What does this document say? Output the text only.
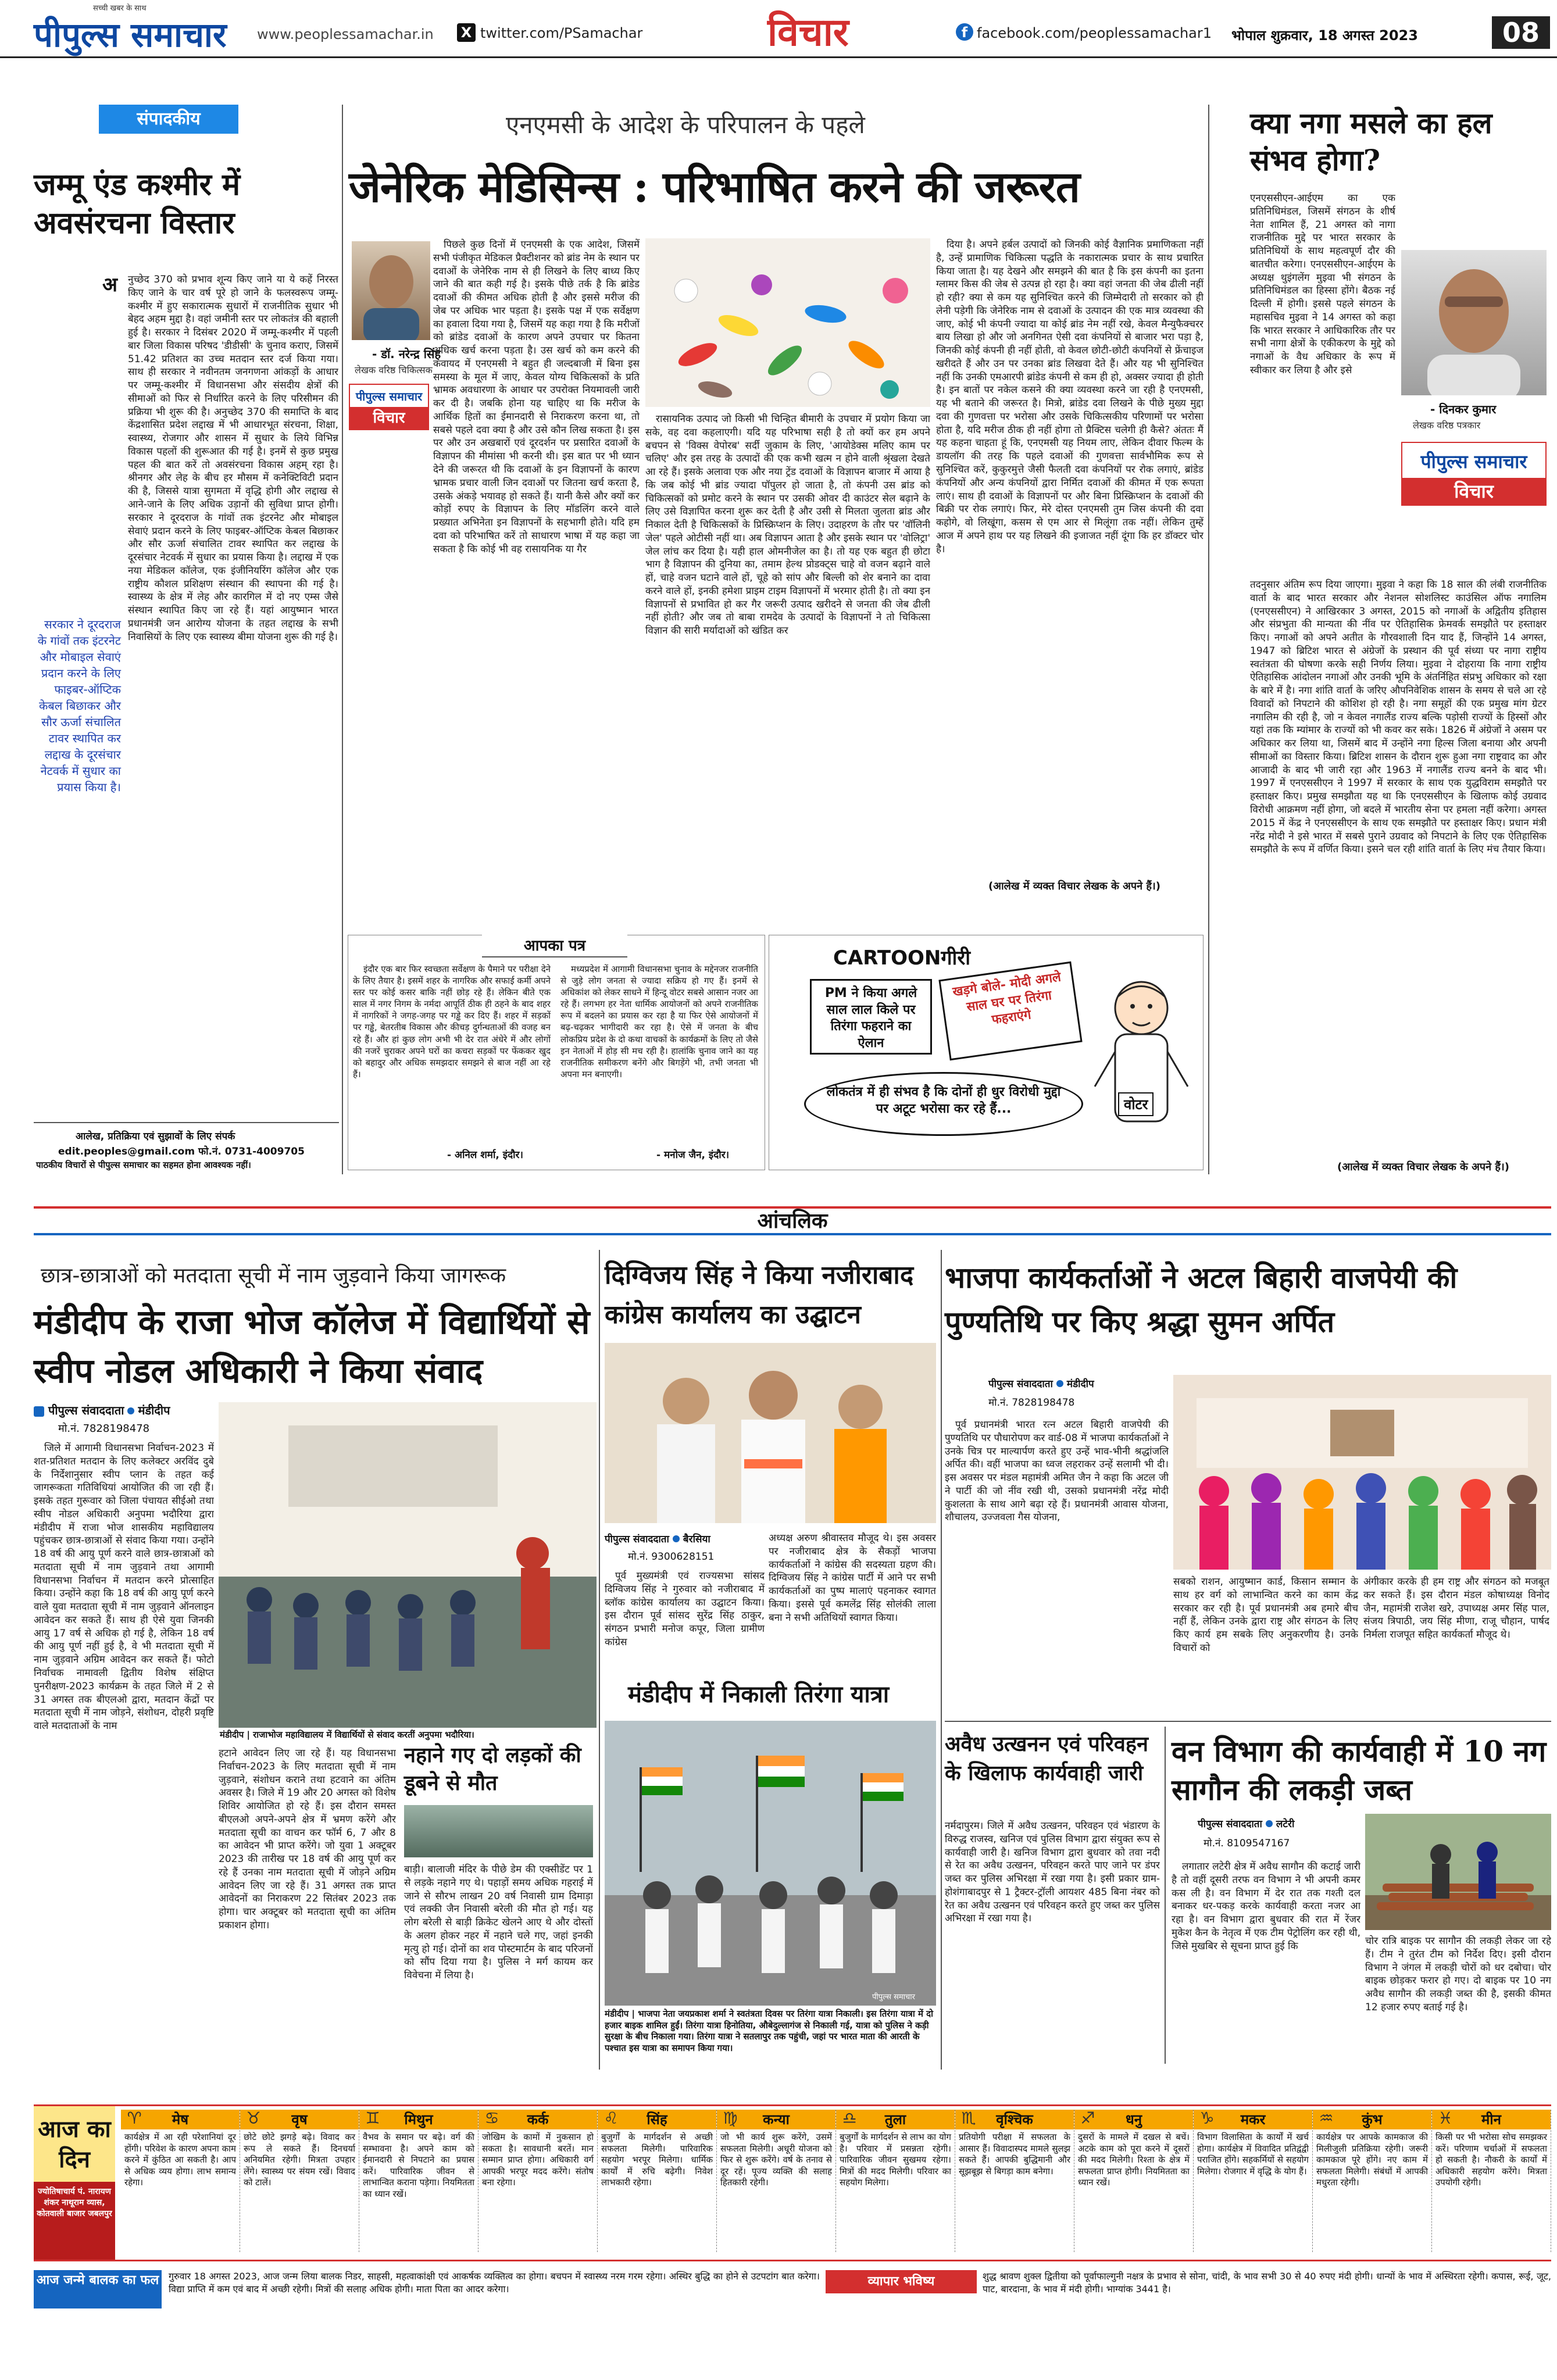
सच्ची खबर के साथ
पीपुल्स समाचार www.peoplessamachar.in X twitter.com/PSamachar	विचार	f facebook.com/peoplessamachar1 भोपाल शुक्रवार, 18 अगस्त 2023	08
संपादकीय
जम्मू एंड कश्मीर में अवसंरचना विस्तार
अ नुच्छेद 370 को प्रभाव शून्य किए जाने या ये कहें निरस्त किए जाने के चार वर्ष पूरे हो जाने के फलस्वरूप जम्मू-कश्मीर में हुए सकारात्मक सुधारों में राजनीतिक सुधार भी बेहद अहम मुद्दा है। वहां जमीनी स्तर पर लोकतंत्र की बहाली हुई है। सरकार ने दिसंबर 2020 में जम्मू-कश्मीर में पहली बार जिला विकास परिषद 'डीडीसी' के चुनाव कराए, जिसमें 51.42 प्रतिशत का उच्च मतदान स्तर दर्ज किया गया। साथ ही सरकार ने नवीनतम जनगणना आंकड़ों के आधार पर जम्मू-कश्मीर में विधानसभा और संसदीय क्षेत्रों की सीमाओं को फिर से निर्धारित करने के लिए परिसीमन की प्रक्रिया भी शुरू की है। अनुच्छेद 370 की समाप्ति के बाद केंद्रशासित प्रदेश लद्दाख में भी आधारभूत संरचना, शिक्षा, स्वास्थ्य, रोजगार और शासन में सुधार के लिये विभिन्न विकास पहलों की शुरूआत की गई है। इनमें से कुछ प्रमुख पहल की बात करें तो अवसंरचना विकास अहम्‌ रहा है। श्रीनगर और लेह के बीच हर मौसम में कनेक्टिविटी प्रदान की है, जिससे यात्रा सुगमता में वृद्धि होगी और लद्दाख से आने-जाने के लिए अधिक उड़ानों की सुविधा प्राप्त होगी। सरकार ने दूरदराज के गांवों तक इंटरनेट और मोबाइल सेवाएं प्रदान करने के लिए फाइबर-ऑप्टिक केबल बिछाकर और सौर ऊर्जा संचालित टावर स्थापित कर लद्दाख के दूरसंचार नेटवर्क में सुधार का प्रयास किया है। लद्दाख में एक नया मेडिकल कॉलेज, एक इंजीनियरिंग कॉलेज और एक राष्ट्रीय कौशल प्रशिक्षण संस्थान की स्थापना की गई है। स्वास्थ्य के क्षेत्र में लेह और कारगिल में दो नए एम्स जैसे संस्थान स्थापित किए जा रहे हैं। यहां आयुष्मान भारत प्रधानमंत्री जन आरोग्य योजना के तहत लद्दाख के सभी निवासियों के लिए एक स्वास्थ्य बीमा योजना शुरू की गई है।

सरकार ने दूरदराज के गांवों तक इंटरनेट और मोबाइल सेवाएं प्रदान करने के लिए फाइबर-ऑप्टिक केबल बिछाकर और सौर ऊर्जा संचालित टावर स्थापित कर लद्दाख के दूरसंचार नेटवर्क में सुधार का प्रयास किया है।
आलेख, प्रतिक्रिया एवं सुझावों के लिए संपर्क
edit.peoples@gmail.com फो.नं. 0731-4009705
पाठकीय विचारों से पीपुल्स समाचार का सहमत होना आवश्यक नहीं।
एनएमसी के आदेश के परिपालन के पहले
जेनेरिक मेडिसिन्स : परिभाषित करने की जरूरत
- डॉ. नरेन्द्र सिंह
लेखक वरिष्ठ चिकित्सक
पीपुल्स समाचार
विचार

पिछले कुछ दिनों में एनएमसी के एक आदेश, जिसमें सभी पंजीकृत मेडिकल प्रैक्टीशनर को ब्रांड नेम के स्थान पर दवाओं के जेनेरिक नाम से ही लिखने के लिए बाध्य किए जाने की बात कही गई है। इसके पीछे तर्क है कि ब्रांडेड दवाओं की कीमत अधिक होती है और इससे मरीज की जेब पर अधिक भार पड़ता है। इसके पक्ष में एक सर्वेक्षण का हवाला दिया गया है, जिसमें यह कहा गया है कि मरीजों को ब्रांडेड दवाओं के कारण अपने उपचार पर कितना अधिक खर्च करना पड़ता है। उस खर्च को कम करने की कवायद में एनएमसी ने बहुत ही जल्दबाजी में बिना इस समस्या के मूल में जाए, केवल योग्य चिकित्सकों के प्रति भ्रामक अवधारणा के आधार पर उपरोक्त नियमावली जारी कर दी है। जबकि होना यह चाहिए था कि मरीज के आर्थिक हितों का ईमानदारी से निराकरण करना था, तो सबसे पहले दवा क्या है और उसे कौन लिख सकता है। इस पर और उन अखबारों एवं दूरदर्शन पर प्रसारित दवाओं के विज्ञापन की मीमांसा भी करनी थी। इस बात पर भी ध्यान देने की जरूरत थी कि दवाओं के इन विज्ञापनों के कारण भ्रामक प्रचार वाली जिन दवाओं पर जितना खर्च करता है, उसके अंकड़े भयावह हो सकते हैं। यानी कैसे और क्यों कर कोड़ों रुपए के विज्ञापन के लिए मॉडलिंग करने वाले प्रख्यात अभिनेता इन विज्ञापनों के सहभागी होते। यदि हम दवा को परिभाषित करें तो साधारण भाषा में यह कहा जा सकता है कि कोई भी वह रासायनिक या गैर

रासायनिक उत्पाद जो किसी भी चिन्हित बीमारी के उपचार में प्रयोग किया जा सके, वह दवा कहलाएगी। यदि यह परिभाषा सही है तो क्यों कर हम अपने बचपन से 'विक्स वेपोरब' सर्दी जुकाम के लिए, 'आयोडेक्स मलिए काम पर चलिए' और इस तरह के उत्पादों की एक कभी खत्म न होने वाली श्रृंखला देखते आ रहे हैं। इसके अलावा एक और नया ट्रेंड दवाओं के विज्ञापन बाजार में आया है कि जब कोई भी ब्रांड ज्यादा पॉपुलर हो जाता है, तो कंपनी उस ब्रांड को चिकित्सकों को प्रमोट करने के स्थान पर उसकी ओवर दी काउंटर सेल बढ़ाने के लिए उसे विज्ञापित करना शुरू कर देती है और उसी से मिलता जुलता ब्रांड और निकाल देती है चिकित्सकों के प्रिस्क्रिप्शन के लिए। उदाहरण के तौर पर 'वॉलिनी जेल' पहले ओटीसी नहीं था। अब विज्ञापन आता है और इसके स्थान पर 'वोलिट्रा' जेल लांच कर दिया है। यही हाल ओमनीजेल का है। तो यह एक बहुत ही छोटा भाग है विज्ञापन की दुनिया का, तमाम हेल्थ प्रोडक्ट्स चाहे वो वजन बढ़ाने वाले हों, चाहे वजन घटाने वाले हों, चूहे को सांप और बिल्ली को शेर बनाने का दावा करने वाले हों, इनकी हमेशा प्राइम टाइम विज्ञापनों में भरमार होती है। तो क्या इन विज्ञापनों से प्रभावित हो कर गैर जरूरी उत्पाद खरीदने से जनता की जेब ढीली नहीं होती? और जब तो बाबा रामदेव के उत्पादों के विज्ञापनों ने तो चिकित्सा विज्ञान की सारी मर्यादाओं को खंडित कर

दिया है। अपने हर्बल उत्पादों को जिनकी कोई वैज्ञानिक प्रमाणिकता नहीं है, उन्हें प्रामाणिक चिकित्सा पद्धति के नकारात्मक प्रचार के साथ प्रचारित किया जाता है। यह देखने और समझने की बात है कि इस कंपनी का इतना ग्लामर किस की जेब से उत्पन्न हो रहा है। क्या वहां जनता की जेब ढीली नहीं हो रही? क्या से कम यह सुनिश्चित करने की जिम्मेदारी तो सरकार को ही लेनी पड़ेगी कि जेनेरिक नाम से दवाओं के उत्पादन की एक मात्र व्यवस्था की जाए, कोई भी कंपनी ज्यादा या कोई ब्रांड नेम नहीं रखे, केवल मैन्युफैक्चरर बाय लिखा हो और जो अनगिनत ऐसी दवा कंपनियों से बाजार भरा पड़ा है, जिनकी कोई कंपनी ही नहीं होती, वो केवल छोटी-छोटी कंपनियों से फ्रेंचाइज खरीदते हैं और उन पर उनका ब्रांड लिखवा देते हैं। और यह भी सुनिश्चित नहीं कि उनकी एमआरपी ब्रांडेड कंपनी से कम ही हो, अक्सर ज्यादा ही होती है। इन बातों पर नकेल कसने की क्या व्यवस्था करने जा रही है एनएमसी, यह भी बताने की जरूरत है। मित्रो, ब्रांडेड दवा लिखने के पीछे मुख्य मुद्दा दवा की गुणवत्ता पर भरोसा और उसके चिकित्सकीय परिणामों पर भरोसा होता है, यदि मरीज ठीक ही नहीं होगा तो प्रैक्टिस चलेगी ही कैसे? अंततः मैं यह कहना चाहता हूं कि, एनएमसी यह नियम लाए, लेकिन दीवार फिल्म के डायलॉग की तरह कि पहले दवाओं की गुणवत्ता सार्वभौमिक रूप से सुनिश्चित करें, कुकुरमुत्ते जैसी फैलती दवा कंपनियों पर रोक लगाएं, ब्रांडेड कंपनियों और अन्य कंपनियों द्वारा निर्मित दवाओं की कीमत में एक रूपता लाएं। साथ ही दवाओं के विज्ञापनों पर और बिना प्रिस्क्रिप्शन के दवाओं की बिक्री पर रोक लगाएं। फिर, मेरे दोस्त एनएमसी तुम जिस कंपनी की दवा कहोगे, वो लिखूंगा, कसम से एम आर से मिलूंगा तक नहीं। लेकिन तुम्हें आज में अपने हाथ पर यह लिखने की इजाजत नहीं दूंगा कि हर डॉक्टर चोर है।

(आलेख में व्यक्त विचार लेखक के अपने हैं।)
क्या नगा मसले का हल संभव होगा?

एनएससीएन-आईएम का एक प्रतिनिधिमंडल, जिसमें संगठन के शीर्ष नेता शामिल हैं, 21 अगस्त को नागा राजनीतिक मुद्दे पर भारत सरकार के प्रतिनिधियों के साथ महत्वपूर्ण दौर की बातचीत करेगा। एनएससीएन-आईएम के अध्यक्ष थुइंगलेंग मुइवा भी संगठन के प्रतिनिधिमंडल का हिस्सा होंगे। बैठक नई दिल्ली में होगी। इससे पहले संगठन के महासचिव मुइवा ने 14 अगस्त को कहा कि भारत सरकार ने आधिकारिक तौर पर सभी नागा क्षेत्रों के एकीकरण के मुद्दे को नगाओं के वैध अधिकार के रूप में स्वीकार कर लिया है और इसे

- दिनकर कुमार
लेखक वरिष्ठ पत्रकार
पीपुल्स समाचार
विचार

तदनुसार अंतिम रूप दिया जाएगा। मुइवा ने कहा कि 18 साल की लंबी राजनीतिक वार्ता के बाद भारत सरकार और नेशनल सोशलिस्ट काउंसिल ऑफ नगालिम (एनएससीएन) ने आखिरकार 3 अगस्त, 2015 को नगाओं के अद्वितीय इतिहास और संप्रभुता की मान्यता की नींव पर ऐतिहासिक फ्रेमवर्क समझौते पर हस्ताक्षर किए। नगाओं को अपने अतीत के गौरवशाली दिन याद हैं, जिन्होंने 14 अगस्त, 1947 को ब्रिटिश भारत से अंग्रेजों के प्रस्थान की पूर्व संध्या पर नागा राष्ट्रीय स्वतंत्रता की घोषणा करके सही निर्णय लिया। मुइवा ने दोहराया कि नागा राष्ट्रीय ऐतिहासिक आंदोलन नगाओं और उनकी भूमि के अंतर्निहित संप्रभु अधिकार को रक्षा के बारे में है। नगा शांति वार्ता के जरिए औपनिवेशिक शासन के समय से चले आ रहे विवादों को निपटाने की कोशिश हो रही है। नगा समूहों की एक प्रमुख मांग ग्रेटर नगालिम की रही है, जो न केवल नगालैंड राज्य बल्कि पड़ोसी राज्यों के हिस्सों और यहां तक कि म्यांमार के राज्यों को भी कवर कर सके। 1826 में अंग्रेजों ने असम पर अधिकार कर लिया था, जिसमें बाद में उन्होंने नगा हिल्स जिला बनाया और अपनी सीमाओं का विस्तार किया। ब्रिटिश शासन के दौरान शुरू हुआ नगा राष्ट्रवाद का और आजादी के बाद भी जारी रहा और 1963 में नगालैंड राज्य बनने के बाद भी। 1997 में एनएससीएन ने 1997 में सरकार के साथ एक युद्धविराम समझौते पर हस्ताक्षर किए। प्रमुख समझौता यह था कि एनएससीएन के खिलाफ कोई उग्रवाद विरोधी आक्रमण नहीं होगा, जो बदले में भारतीय सेना पर हमला नहीं करेगा। अगस्त 2015 में केंद्र ने एनएससीएन के साथ एक समझौते पर हस्ताक्षर किए। प्रधान मंत्री नरेंद्र मोदी ने इसे भारत में सबसे पुराने उग्रवाद को निपटाने के लिए एक ऐतिहासिक समझौते के रूप में वर्णित किया। इसने चल रही शांति वार्ता के लिए मंच तैयार किया।

(आलेख में व्यक्त विचार लेखक के अपने हैं।)
आपका पत्र

इंदौर एक बार फिर स्वच्छता सर्वेक्षण के पैमाने पर परीक्षा देने के लिए तैयार है। इसमें शहर के नागरिक और सफाई कर्मी अपने स्तर पर कोई कसर बाकि नहीं छोड़ रहे हैं। लेकिन बीते एक साल में नगर निगम के नर्मदा आपूर्ति ठीक ही ठहने के बाद शहर में नागरिकों ने जगह-जगह पर गड्ढे कर दिए हैं। शहर में सड़कों पर गड्ढे, बेतरतीब विकास और कीचड़ दुर्गन्धताओं की वजह बन रहे हैं। और हां कुछ लोग अभी भी देर रात अंधेरे में और लोगों की नजरें चुराकर अपने घरों का कचरा सड़कों पर फेंककर खुद को बहादुर और अधिक समझदार समझने से बाज नहीं आ रहे हैं।

- अनिल शर्मा, इंदौर।

मध्यप्रदेश में आगामी विधानसभा चुनाव के मद्देनजर राजनीति से जुड़े लोग जनता से ज्यादा सक्रिय हो गए हैं। इनमें से अधिकांश को लेकर साधने में हिन्दू वोटर सबसे आसान नजर आ रहे हैं। लगभग हर नेता धार्मिक आयोजनों को अपने राजनीतिक रूप में बदलने का प्रयास कर रहा है या फिर ऐसे आयोजनों में बढ़-चढ़कर भागीदारी कर रहा है। ऐसे में जनता के बीच लोकप्रिय प्रदेश के दो कथा वाचकों के कार्यक्रमों के लिए तो जैसे इन नेताओं में होड़ सी मच रही है। हालांकि चुनाव जाने का यह राजनीतिक समीकरण बनेंगे और बिगड़ेंगे भी, तभी जनता भी अपना मन बनाएगी।

- मनोज जैन, इंदौर।
CARTOONगीरी
PM ने किया अगले साल लाल किले पर तिरंगा फहराने का ऐलान
खड़गे बोले- मोदी अगले साल घर पर तिरंगा फहराएंगे
वोटर
लोकतंत्र में ही संभव है कि दोनों ही धुर विरोधी मुद्दा पर अटूट भरोसा कर रहे हैं...
आंचलिक
छात्र-छात्राओं को मतदाता सूची में नाम जुड़वाने किया जागरूक
मंडीदीप के राजा भोज कॉलेज में विद्यार्थियों से स्वीप नोडल अधिकारी ने किया संवाद
पीपुल्स संवाददाता मंडीदीप
मो.नं. 7828198478
मंडीदीप | राजाभोज महाविद्यालय में विद्यार्थियों से संवाद करतीं अनुपमा भदौरिया।

जिले में आगामी विधानसभा निर्वाचन-2023 में शत-प्रतिशत मतदान के लिए कलेक्टर अरविंद दुबे के निर्देशानुसार स्वीप प्लान के तहत कई जागरूकता गतिविधियां आयोजित की जा रही हैं। इसके तहत गुरूवार को जिला पंचायत सीईओ तथा स्वीप नोडल अधिकारी अनुपमा भदौरिया द्वारा मंडीदीप में राजा भोज शासकीय महाविद्यालय पहुंचकर छात्र-छात्राओं से संवाद किया गया। उन्होंने 18 वर्ष की आयु पूर्ण करने वाले छात्र-छात्राओं को मतदाता सूची में नाम जुड़वाने तथा आगामी विधानसभा निर्वाचन में मतदान करने प्रोत्साहित किया। उन्होंने कहा कि 18 वर्ष की आयु पूर्ण करने वाले युवा मतदाता सूची में नाम जुड़वाने ऑनलाइन आवेदन कर सकते हैं। साथ ही ऐसे युवा जिनकी आयु 17 वर्ष से अधिक हो गई है, लेकिन 18 वर्ष की आयु पूर्ण नहीं हुई है, वे भी मतदाता सूची में नाम जुड़वाने अग्रिम आवेदन कर सकते हैं। फोटो निर्वाचक नामावली द्वितीय विशेष संक्षिप्त पुनरीक्षण-2023 कार्यक्रम के तहत जिले में 2 से 31 अगस्त तक बीएलओ द्वारा, मतदान केंद्रों पर मतदाता सूची में नाम जोड़ने, संशोधन, दोहरी प्रवृष्टि वाले मतदाताओं के नाम

हटाने आवेदन लिए जा रहे हैं। यह विधानसभा निर्वाचन-2023 के लिए मतदाता सूची में नाम जुड़वाने, संशोधन कराने तथा हटवाने का अंतिम अवसर है। जिले में 19 और 20 अगस्त को विशेष शिविर आयोजित हो रहे हैं। इस दौरान समस्त बीएलओ अपने-अपने क्षेत्र में भ्रमण करेंगे और मतदाता सूची का वाचन कर फॉर्म 6, 7 और 8 का आवेदन भी प्राप्त करेंगे। जो युवा 1 अक्टूबर 2023 की तारीख पर 18 वर्ष की आयु पूर्ण कर रहे हैं उनका नाम मतदाता सूची में जोड़ने अग्रिम आवेदन लिए जा रहे हैं। 31 अगस्त तक प्राप्त आवेदनों का निराकरण 22 सितंबर 2023 तक होगा। चार अक्टूबर को मतदाता सूची का अंतिम प्रकाशन होगा।

नहाने गए दो लड़कों की डूबने से मौत

बाड़ी। बालाजी मंदिर के पीछे डेम की एक्सीडेंट पर 1 से लड़के नहाने गए थे। पहाड़ों समय अधिक गहराई में जाने से सौरभ लाखन 20 वर्ष निवासी ग्राम दिमाड़ा एवं लक्की जैन निवासी बरेली की मौत हो गई। यह लोग बरेली से बाड़ी क्रिकेट खेलने आए थे और दोस्तों के अलग होकर नहर में नहाने चले गए, जहां इनकी मृत्यु हो गई। दोनों का शव पोस्टमार्टम के बाद परिजनों को सौंप दिया गया है। पुलिस ने मर्ग कायम कर विवेचना में लिया है।

दिग्विजय सिंह ने किया नजीराबाद कांग्रेस कार्यालय का उद्घाटन
पीपुल्स संवाददाता बैरसिया
मो.नं. 9300628151

अध्यक्ष अरुण श्रीवास्तव मौजूद थे। इस अवसर पर नजीराबाद क्षेत्र के सैकड़ों भाजपा कार्यकर्ताओं ने कांग्रेस की सदस्यता ग्रहण की। दिग्विजय सिंह ने कांग्रेस पार्टी में आने पर सभी कार्यकर्ताओं का पुष्प मालाएं पहनाकर स्वागत किया। इससे पूर्व कमलेंद्र सिंह सोलंकी लाला बना ने सभी अतिथियों स्वागत किया।

पूर्व मुख्यमंत्री एवं राज्यसभा सांसद दिग्विजय सिंह ने गुरुवार को नजीराबाद में ब्लॉक कांग्रेस कार्यालय का उद्घाटन किया। इस दौरान पूर्व सांसद सुरेंद्र सिंह ठाकुर, संगठन प्रभारी मनोज कपूर, जिला ग्रामीण कांग्रेस

मंडीदीप में निकाली तिरंगा यात्रा
मंडीदीप | भाजपा नेता जयप्रकाश शर्मा ने स्वतंत्रता दिवस पर तिरंगा यात्रा निकाली। इस तिरंगा यात्रा में दो हजार बाइक शामिल हुईं। तिरंगा यात्रा हिनोतिया, औबेदुल्लागंज से निकाली गई, यात्रा को पुलिस ने कड़ी सुरक्षा के बीच निकाला गया। तिरंगा यात्रा ने सतलापुर तक पहुंची, जहां पर भारत माता की आरती के पश्चात इस यात्रा का समापन किया गया।
पीपुल्स समाचार
भाजपा कार्यकर्ताओं ने अटल बिहारी वाजपेयी की पुण्यतिथि पर किए श्रद्धा सुमन अर्पित
पीपुल्स संवाददाता मंडीदीप
मो.नं. 7828198478

पूर्व प्रधानमंत्री भारत रत्न अटल बिहारी वाजपेयी की पुण्यतिथि पर पौधारोपण कर वार्ड-08 में भाजपा कार्यकर्ताओं ने उनके चित्र पर माल्यार्पण करते हुए उन्हें भाव-भीनी श्रद्धांजलि अर्पित की। वहीं भाजपा का ध्वज लहराकर उन्हें सलामी भी दी। इस अवसर पर मंडल महामंत्री अमित जैन ने कहा कि अटल जी ने पार्टी की जो नींव रखी थी, उसको प्रधानमंत्री नरेंद्र मोदी कुशलता के साथ आगे बढ़ा रहे हैं। प्रधानमंत्री आवास योजना, शौचालय, उज्जवला गैस योजना,

सबको राशन, आयुष्मान कार्ड, किसान सम्मान के साथ हर वर्ग को लाभान्वित करने का काम केंद्र सरकार कर रही है। पूर्व प्रधानमंत्री अब हमारे बीच नहीं हैं, लेकिन उनके द्वारा राष्ट्र और संगठन के लिए किए कार्य हम सबके लिए अनुकरणीय है। उनके विचारों को

अंगीकार करके ही हम राष्ट्र और संगठन को मजबूत कर सकते हैं। इस दौरान मंडल कोषाध्यक्ष विनोद जैन, महामंत्री राजेश खरे, उपाध्यक्ष अमर सिंह पाल, संजय त्रिपाठी, जय सिंह मीणा, राजू चौहान, पार्षद निर्मला राजपूत सहित कार्यकर्ता मौजूद थे।

अवैध उत्खनन एवं परिवहन के खिलाफ कार्यवाही जारी

नर्मदापुरम। जिले में अवैध उत्खनन, परिवहन एवं भंडारण के विरुद्ध राजस्व, खनिज एवं पुलिस विभाग द्वारा संयुक्त रूप से कार्यवाही जारी है। खनिज विभाग द्वारा बुधवार को तवा नदी से रेत का अवैध उत्खनन, परिवहन करते पाए जाने पर डंपर जब्त कर पुलिस अभिरक्षा में रखा गया है। इसी प्रकार ग्राम-होशंगाबादपुर से 1 ट्रैक्टर-ट्रॉली आयशर 485 बिना नंबर को रेत का अवैध उत्खनन एवं परिवहन करते हुए जब्त कर पुलिस अभिरक्षा में रखा गया है।

वन विभाग की कार्यवाही में 10 नग सागौन की लकड़ी जब्त
पीपुल्स संवाददाता लटेरी
मो.नं. 8109547167

लगातार लटेरी क्षेत्र में अवैध सागौन की कटाई जारी है तो वहीं दूसरी तरफ वन विभाग ने भी अपनी कमर कस ली है। वन विभाग में देर रात तक गश्ती दल बनाकर धर-पकड़ करके कार्यवाही करता नजर आ रहा है। वन विभाग द्वारा बुधवार की रात में रेंजर मुकेश कैन के नेतृत्व में एक टीम पेट्रोलिंग कर रही थी, जिसे मुखबिर से सूचना प्राप्त हुई कि	चोर रात्रि बाइक पर सागौन की लकड़ी लेकर जा रहे हैं। टीम ने तुरंत टीम को निर्देश दिए। इसी दौरान विभाग ने जंगल में लकड़ी चोरों को धर दबोचा। चोर बाइक छोड़कर फरार हो गए। दो बाइक पर 10 नग अवैध सागौन की लकड़ी जब्त की है, इसकी कीमत 12 हजार रुपए बताई गई है।

आज का
दिन
ज्योतिषाचार्य पं. नारायण शंकर नाथूराम व्यास, कोतवाली बाजार जबलपुर
मेष
♈
कार्यक्षेत्र में आ रही परेशानियां दूर होंगी। परिवेश के कारण अपना काम करने में कुंठित आ सकती है। आप से अधिक व्यय होगा। लाभ समान्य रहेगा।
वृष
♉
छोटे छोटे झगड़े बढ़े। विवाद कर रूप ले सकते हैं। दिनचर्या अनियमित रहेगी। मित्रता उपहार लेंगे। स्वास्थ्य पर संयम रखें। विवाद को टालें।
मिथुन
♊
वैभव के समान पर बढ़े। वर्ग की सम्भावना है। अपने काम को ईमानदारी से निपटाने का प्रयास करें। पारिवारिक जीवन से लाभान्वित कराना पड़ेगा। नियमितता का ध्यान रखें।
कर्क
♋
जोखिम के कामों में नुकसान हो सकता है। सावधानी बरतें। मान सम्मान प्राप्त होगा। अधिकारी वर्ग आपकी भरपूर मदद करेंगे। संतोष बना रहेगा।
सिंह
♌
बुजुर्गों के मार्गदर्शन से अच्छी सफलता मिलेगी। पारिवारिक सहयोग भरपूर मिलेगा। धार्मिक कार्यों में रुचि बढ़ेगी। निवेश लाभकारी रहेगा।
कन्या
♍
जो भी कार्य शुरू करेंगे, उसमें सफलता मिलेगी। अधूरी योजना को फिर से शुरू करेंगे। वर्ष के तनाव से दूर रहें। पूज्य व्यक्ति की सलाह हितकारी रहेगी।
तुला
♎
बुजुर्गों के मार्गदर्शन से लाभ का योग है। परिवार में प्रसन्नता रहेगी। पारिवारिक जीवन सुखमय रहेगा। मित्रों की मदद मिलेगी। परिवार का सहयोग मिलेगा।
वृश्चिक
♏
प्रतियोगी परीक्षा में सफलता के आसार हैं। विवादास्पद मामले सुलझ सकते हैं। आपकी बुद्धिमानी और सूझबूझ से बिगड़ा काम बनेगा।
धनु
♐
दुसरों के मामले में दखल से बचें। अटके काम को पूरा करने में दूसरों की मदद मिलेगी। रिश्ता के क्षेत्र में सफलता प्राप्त होगी। नियमितता का ध्यान रखें।
मकर
♑
विभाग विलासिता के कार्यों में खर्च होगा। कार्यक्षेत्र में विवादित प्रतिद्वंद्वी पराजित होंगे। सहकर्मियों से सहयोग मिलेगा। रोजगार में वृद्धि के योग हैं।
कुंभ
♒
कार्यक्षेत्र पर आपके कामकाज की मिलीजुली प्रतिक्रिया रहेगी। जरूरी कामकाज पूरे होंगे। नए काम में सफलता मिलेगी। संबंधों में आपकी मधुरता रहेगी।
मीन
♓
किसी पर भी भरोसा सोच समझकर करें। परिणाम चर्चाओं में सफलता हो सकती है। नौकरी के कार्यों में अधिकारी सहयोग करेंगे। मित्रता उपयोगी रहेगी।
आज जन्मे बालक का फल गुरुवार 18 अगस्त 2023, आज जन्म लिया बालक निडर, साहसी, महत्वाकांक्षी एवं आकर्षक व्यक्तित्व का होगा। बचपन में स्वास्थ्य नरम गरम रहेगा। अस्थिर बुद्धि का होने से उटपटांग बात करेगा। विद्या प्राप्ति में कम एवं बाद में अच्छी रहेगी। मित्रों की सलाह अधिक होगी। माता पिता का आदर करेगा।
व्यापार भविष्य	शुद्ध श्रावण शुक्ल द्वितीया को पूर्वाफाल्गुनी नक्षत्र के प्रभाव से सोना, चांदी, के भाव सभी 30 से 40 रुपए मंदी होगी। धान्यों के भाव में अस्थिरता रहेगी। कपास, रूई, जूट, पाट, बारदाना, के भाव में मंदी होगी। भाग्यांक 3441 है।
